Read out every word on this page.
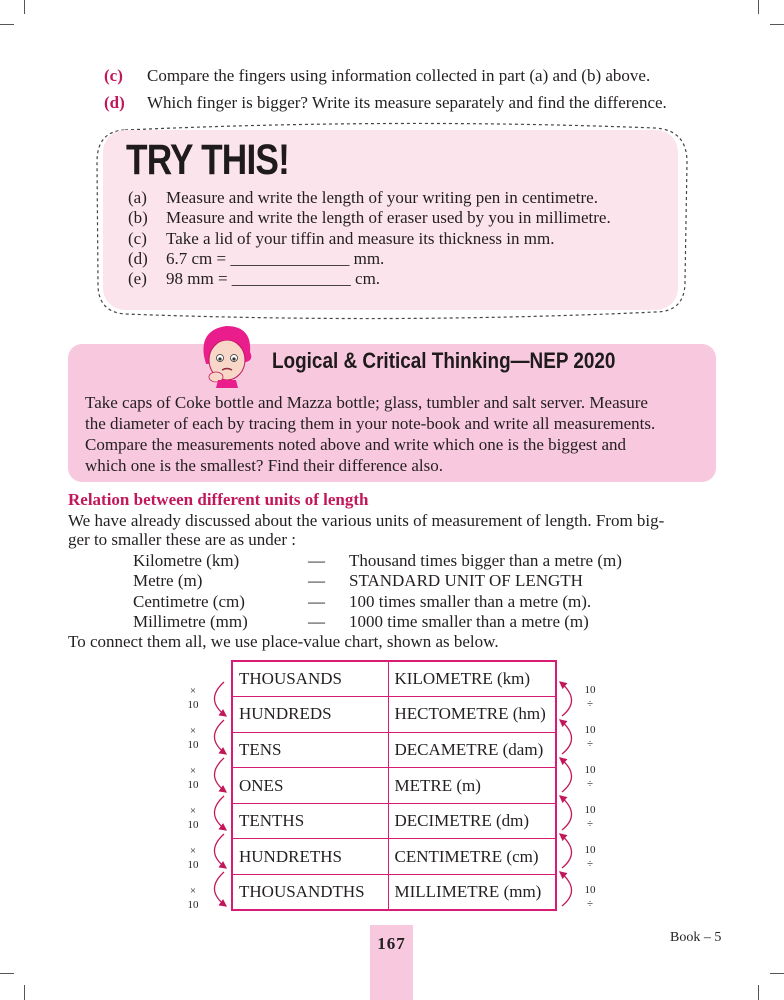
(c) Compare the fingers using information collected in part (a) and (b) above.
(d) Which finger is bigger? Write its measure separately and find the difference.
TRY THIS!
(a) Measure and write the length of your writing pen in centimetre.
(b) Measure and write the length of eraser used by you in millimetre.
(c) Take a lid of your tiffin and measure its thickness in mm.
(d) 6.7 cm = ______________ mm.
(e) 98 mm = ______________ cm.
Logical & Critical Thinking—NEP 2020
Take caps of Coke bottle and Mazza bottle; glass, tumbler and salt server. Measure
the diameter of each by tracing them in your note-book and write all measurements.
Compare the measurements noted above and write which one is the biggest and
which one is the smallest? Find their difference also.
Relation between different units of length
We have already discussed about the various units of measurement of length. From big-
ger to smaller these are as under :
Kilometre (km)	— Thousand times bigger than a metre (m)
Metre (m)	— STANDARD UNIT OF LENGTH
Centimetre (cm)	— 100 times smaller than a metre (m).
Millimetre (mm)	— 1000 time smaller than a metre (m)
To connect them all, we use place-value chart, shown as below.
THOUSANDS	KILOMETRE (km)
HUNDREDS	HECTOMETRE (hm)
TENS	DECAMETRE (dam)
ONES	METRE (m)
TENTHS	DECIMETRE (dm)
HUNDRETHS	CENTIMETRE (cm)
THOUSANDTHS	MILLIMETRE (mm)
×
10
×
10
×
10
×
10
×
10
×
10
10
÷
10
÷
10
÷
10
÷
10
÷
10
÷
167	Book – 5
